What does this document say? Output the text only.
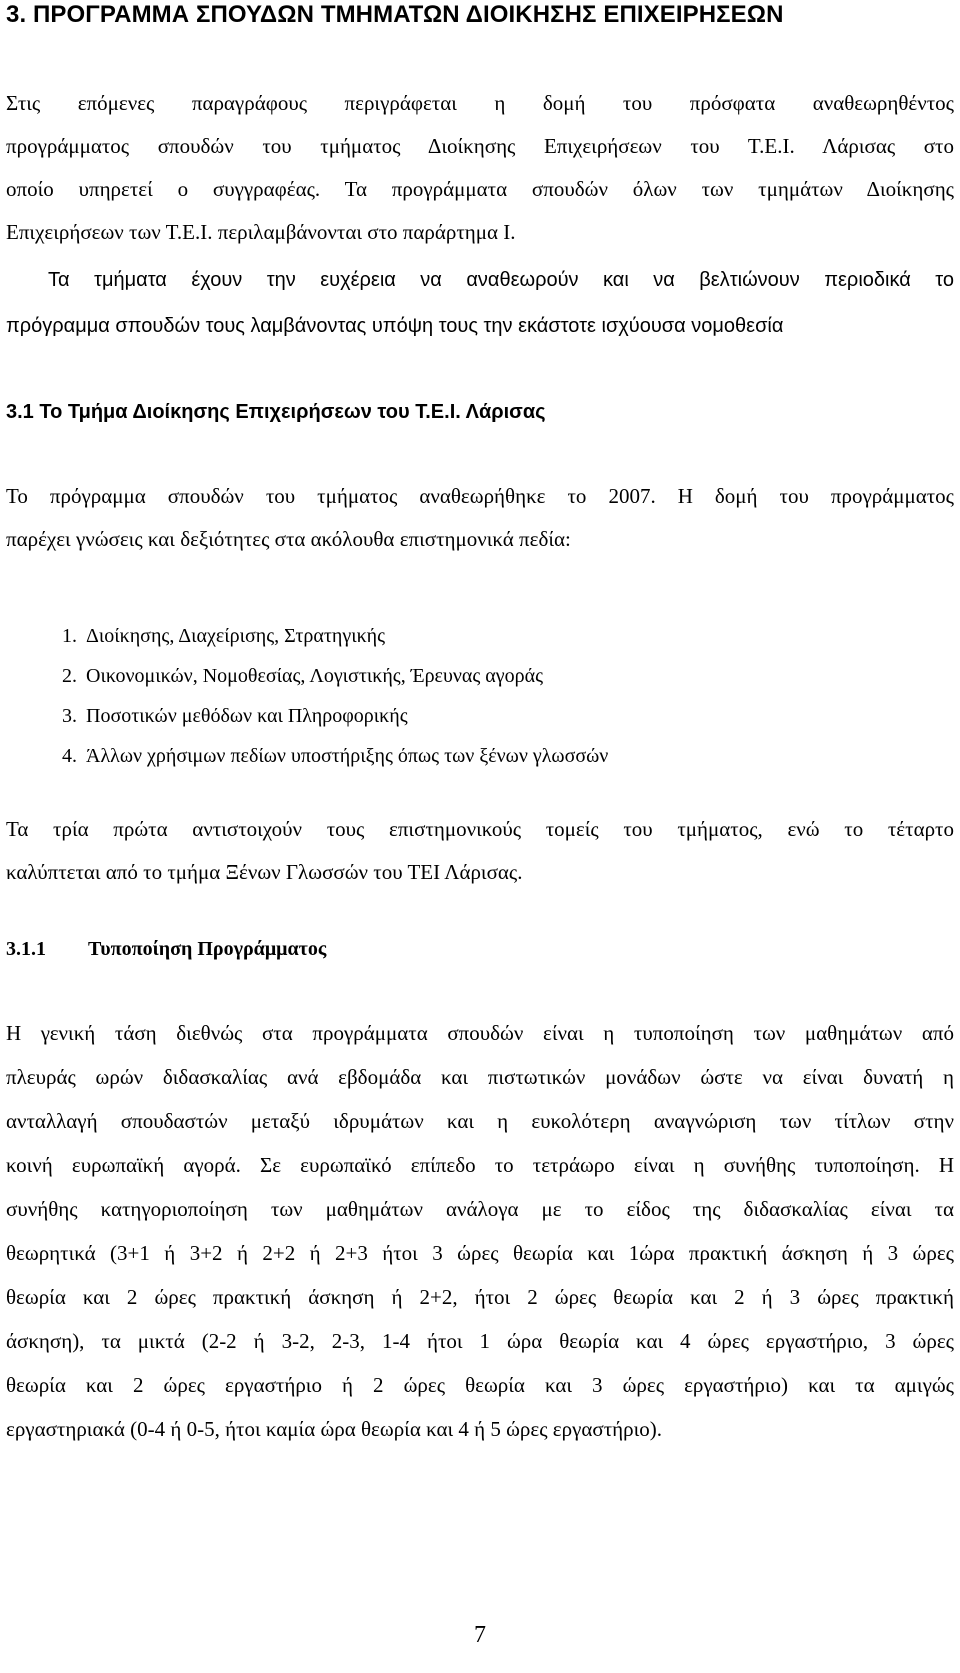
3. ΠΡΟΓΡΑΜΜΑ ΣΠΟΥΔΩΝ ΤΜΗΜΑΤΩΝ ΔΙΟΙΚΗΣΗΣ ΕΠΙΧΕΙΡΗΣΕΩΝ
Στις επόμενες παραγράφους περιγράφεται η δομή του πρόσφατα αναθεωρηθέντος
προγράμματος σπουδών του τμήματος Διοίκησης Επιχειρήσεων του Τ.Ε.Ι. Λάρισας στο
οποίο υπηρετεί ο συγγραφέας. Τα προγράμματα σπουδών όλων των τμημάτων Διοίκησης
Επιχειρήσεων των Τ.Ε.Ι. περιλαμβάνονται στο παράρτημα Ι.
Τα τμήματα έχουν την ευχέρεια να αναθεωρούν και να βελτιώνουν περιοδικά το
πρόγραμμα σπουδών τους λαμβάνοντας υπόψη τους την εκάστοτε ισχύουσα νομοθεσία
3.1 Το Τμήμα Διοίκησης Επιχειρήσεων του Τ.Ε.Ι. Λάρισας
Το πρόγραμμα σπουδών του τμήματος αναθεωρήθηκε το 2007. Η δομή του προγράμματος
παρέχει γνώσεις και δεξιότητες στα ακόλουθα επιστημονικά πεδία:
1. Διοίκησης, Διαχείρισης, Στρατηγικής
2. Οικονομικών, Νομοθεσίας, Λογιστικής, Έρευνας αγοράς
3. Ποσοτικών μεθόδων και Πληροφορικής
4. Άλλων χρήσιμων πεδίων υποστήριξης όπως των ξένων γλωσσών
Τα τρία πρώτα αντιστοιχούν τους επιστημονικούς τομείς του τμήματος, ενώ το τέταρτο
καλύπτεται από το τμήμα Ξένων Γλωσσών του ΤΕΙ Λάρισας.
3.1.1 Τυποποίηση Προγράμματος
Η γενική τάση διεθνώς στα προγράμματα σπουδών είναι η τυποποίηση των μαθημάτων από
πλευράς ωρών διδασκαλίας ανά εβδομάδα και πιστωτικών μονάδων ώστε να είναι δυνατή η
ανταλλαγή σπουδαστών μεταξύ ιδρυμάτων και η ευκολότερη αναγνώριση των τίτλων στην
κοινή ευρωπαϊκή αγορά. Σε ευρωπαϊκό επίπεδο το τετράωρο είναι η συνήθης τυποποίηση. Η
συνήθης κατηγοριοποίηση των μαθημάτων ανάλογα με το είδος της διδασκαλίας είναι τα
θεωρητικά (3+1 ή 3+2 ή 2+2 ή 2+3 ήτοι 3 ώρες θεωρία και 1ώρα πρακτική άσκηση ή 3 ώρες
θεωρία και 2 ώρες πρακτική άσκηση ή 2+2, ήτοι 2 ώρες θεωρία και 2 ή 3 ώρες πρακτική
άσκηση), τα μικτά (2-2 ή 3-2, 2-3, 1-4 ήτοι 1 ώρα θεωρία και 4 ώρες εργαστήριο, 3 ώρες
θεωρία και 2 ώρες εργαστήριο ή 2 ώρες θεωρία και 3 ώρες εργαστήριο) και τα αμιγώς
εργαστηριακά (0-4 ή 0-5, ήτοι καμία ώρα θεωρία και 4 ή 5 ώρες εργαστήριο).
7
